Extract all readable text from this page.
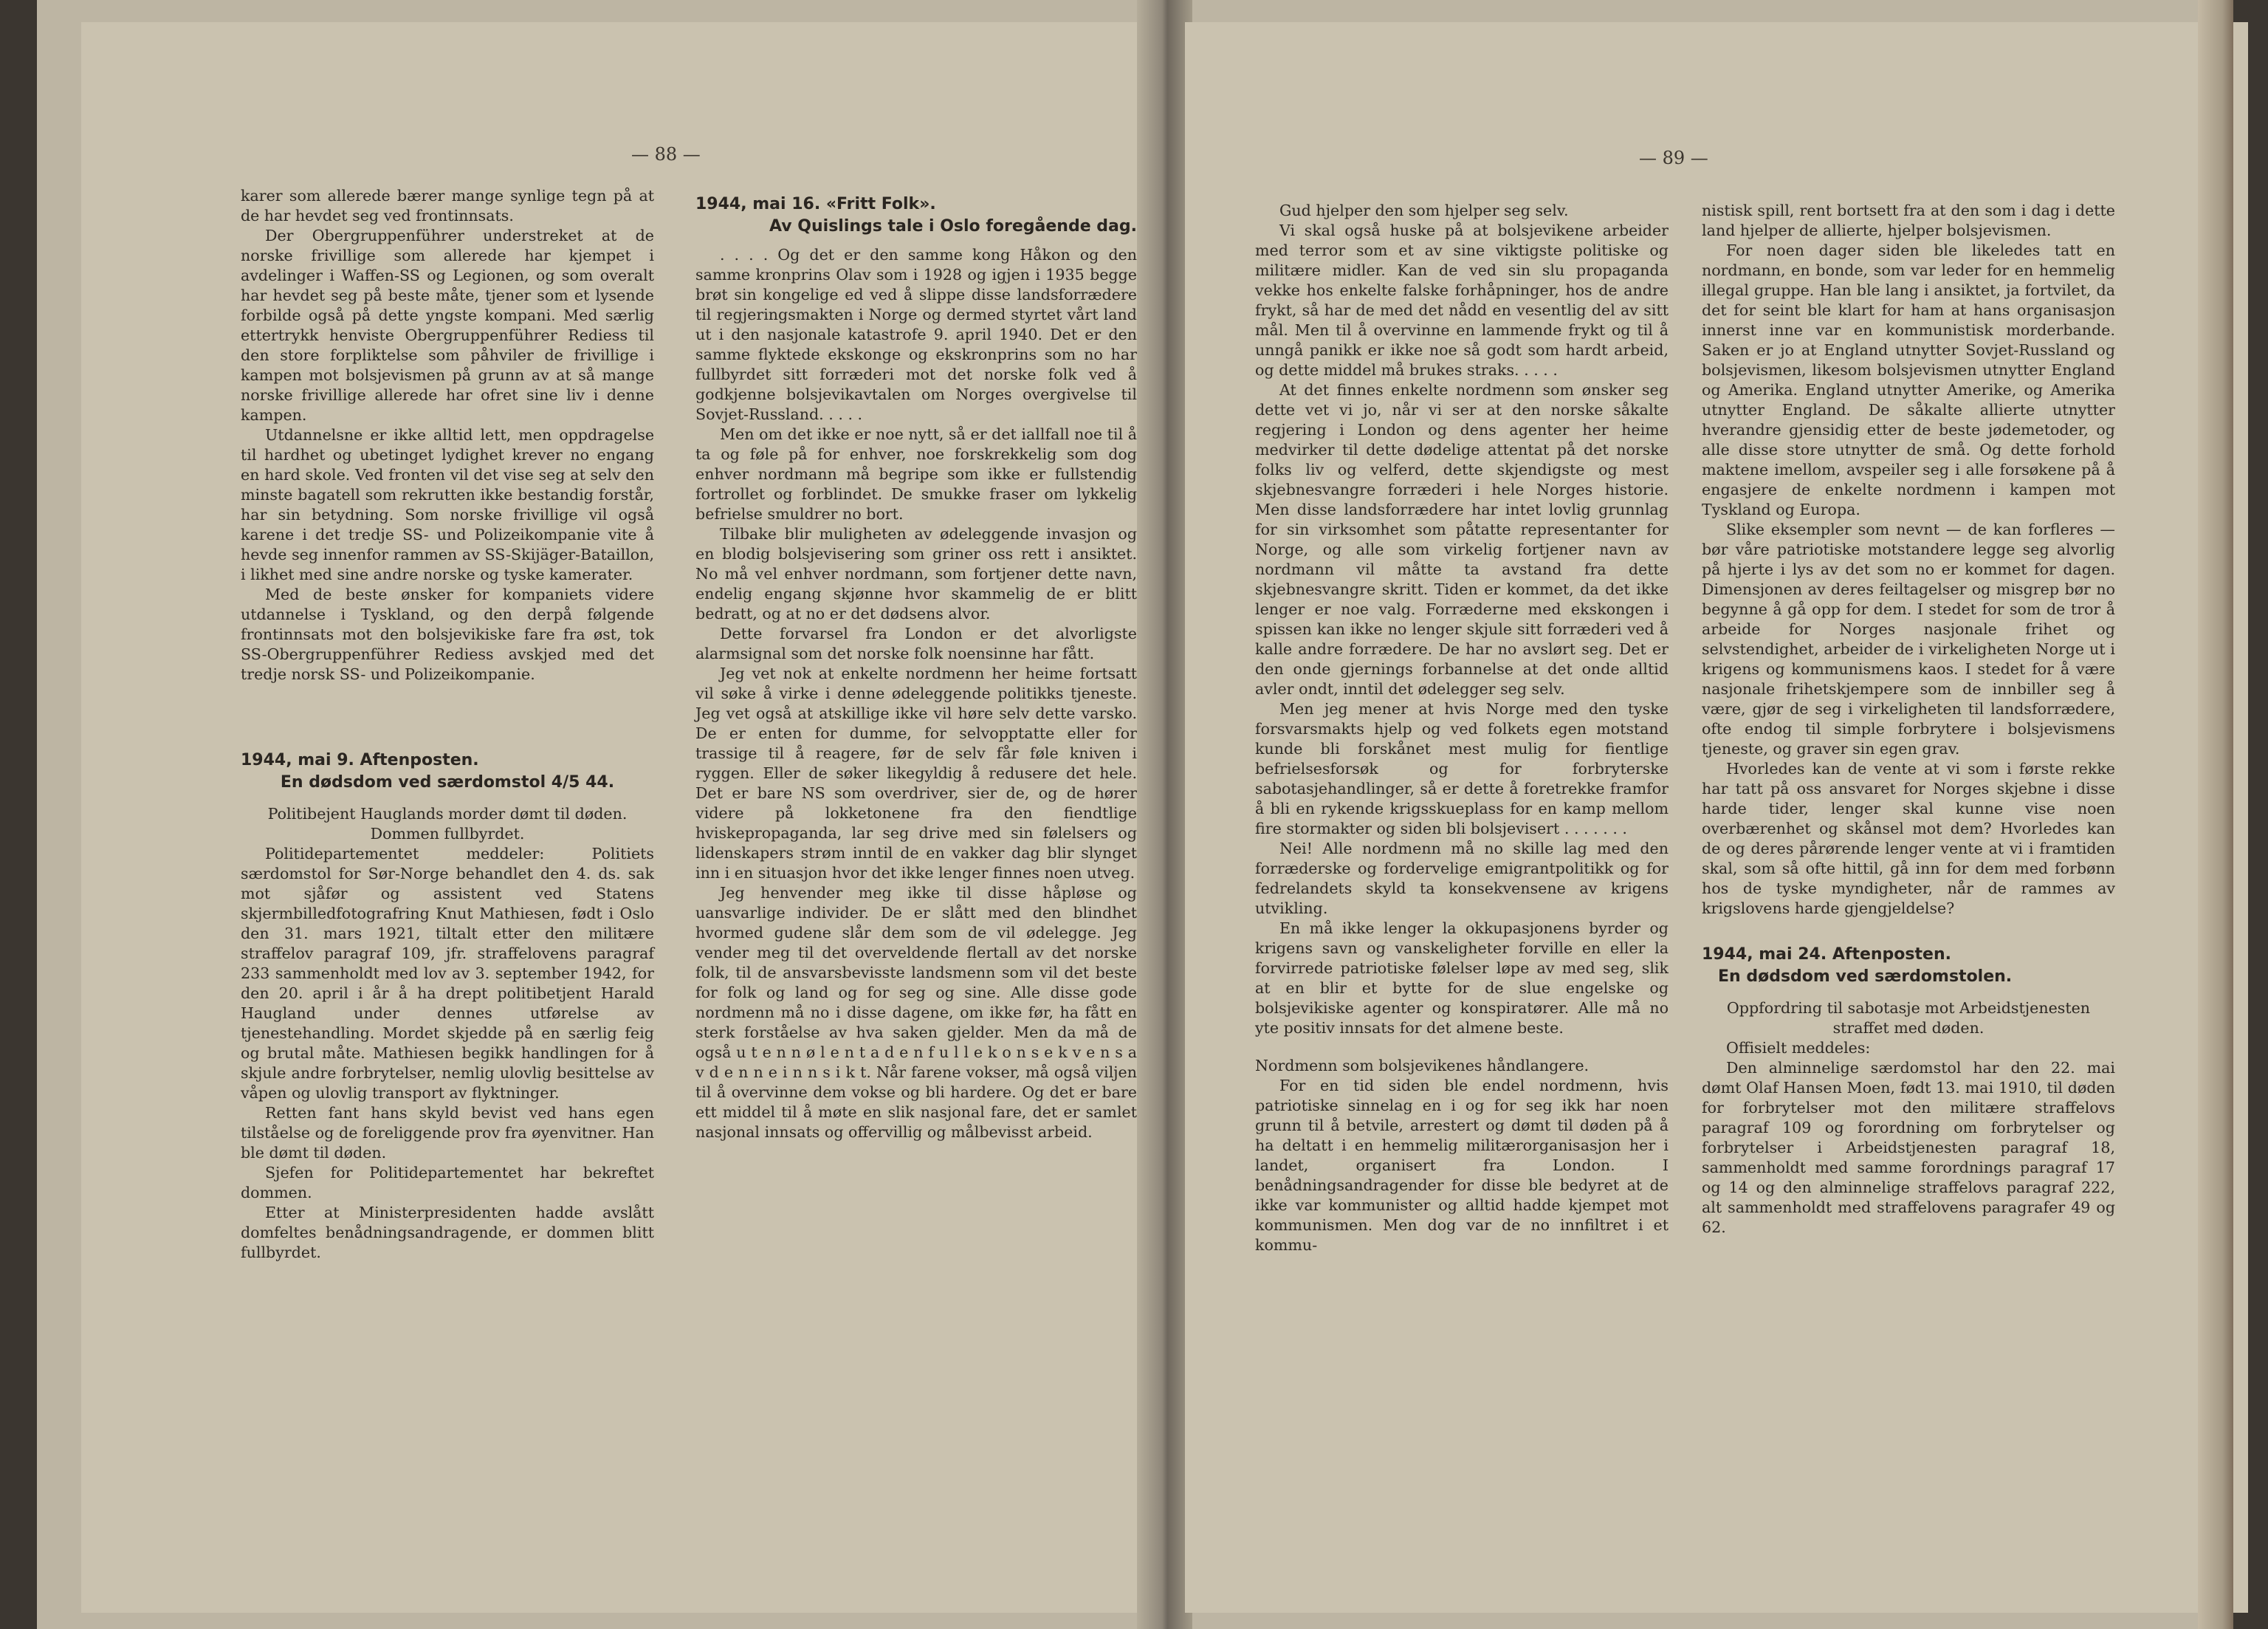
— 88 —

karer som allerede bærer mange synlige tegn på at de har hevdet seg ved frontinnsats.

Der Obergruppenführer understreket at de norske frivillige som allerede har kjempet i avdelinger i Waffen-SS og Legionen, og som overalt har hevdet seg på beste måte, tjener som et lysende forbilde også på dette yngste kompani. Med særlig ettertrykk henviste Obergruppenführer Rediess til den store forpliktelse som påhviler de frivillige i kampen mot bolsjevismen på grunn av at så mange norske frivillige allerede har ofret sine liv i denne kampen.

Utdannelsne er ikke alltid lett, men oppdragelse til hardhet og ubetinget lydighet krever no engang en hard skole. Ved fronten vil det vise seg at selv den minste bagatell som rekrutten ikke bestandig forstår, har sin betydning. Som norske frivillige vil også karene i det tredje SS- und Polizeikompanie vite å hevde seg innenfor rammen av SS-Skijäger-Bataillon, i likhet med sine andre norske og tyske kamerater.

Med de beste ønsker for kompaniets videre utdannelse i Tyskland, og den derpå følgende frontinnsats mot den bolsjevikiske fare fra øst, tok SS-Obergruppenführer Rediess avskjed med det tredje norsk SS- und Polizeikompanie.

1944, mai 9. Aftenposten.
En dødsdom ved særdomstol 4/5 44.

Politibejent Hauglands morder dømt til døden. Dommen fullbyrdet.

Politidepartementet meddeler: Politiets særdomstol for Sør-Norge behandlet den 4. ds. sak mot sjåfør og assistent ved Statens skjermbilledfotografring Knut Mathiesen, født i Oslo den 31. mars 1921, tiltalt etter den militære straffelov paragraf 109, jfr. straffelovens paragraf 233 sammenholdt med lov av 3. september 1942, for den 20. april i år å ha drept politibetjent Harald Haugland under dennes utførelse av tjenestehandling. Mordet skjedde på en særlig feig og brutal måte. Mathiesen begikk handlingen for å skjule andre forbrytelser, nemlig ulovlig besittelse av våpen og ulovlig transport av flyktninger.

Retten fant hans skyld bevist ved hans egen tilståelse og de foreliggende prov fra øyenvitner. Han ble dømt til døden.

Sjefen for Politidepartementet har bekreftet dommen.

Etter at Ministerpresidenten hadde avslått domfeltes benådningsandragende, er dommen blitt fullbyrdet.

1944, mai 16. «Fritt Folk».
Av Quislings tale i Oslo foregående dag.

. . . . Og det er den samme kong Håkon og den samme kronprins Olav som i 1928 og igjen i 1935 begge brøt sin kongelige ed ved å slippe disse landsforrædere til regjeringsmakten i Norge og dermed styrtet vårt land ut i den nasjonale katastrofe 9. april 1940. Det er den samme flyktede ekskonge og ekskronprins som no har fullbyrdet sitt forræderi mot det norske folk ved å godkjenne bolsjevikavtalen om Norges overgivelse til Sovjet-Russland. . . . .

Men om det ikke er noe nytt, så er det iallfall noe til å ta og føle på for enhver, noe forskrekkelig som dog enhver nordmann må begripe som ikke er fullstendig fortrollet og forblindet. De smukke fraser om lykkelig befrielse smuldrer no bort.

Tilbake blir muligheten av ødeleggende invasjon og en blodig bolsjevisering som griner oss rett i ansiktet. No må vel enhver nordmann, som fortjener dette navn, endelig engang skjønne hvor skammelig de er blitt bedratt, og at no er det dødsens alvor.

Dette forvarsel fra London er det alvorligste alarmsignal som det norske folk noensinne har fått.

Jeg vet nok at enkelte nordmenn her heime fortsatt vil søke å virke i denne ødeleggende politikks tjeneste. Jeg vet også at atskillige ikke vil høre selv dette varsko. De er enten for dumme, for selvopptatte eller for trassige til å reagere, før de selv får føle kniven i ryggen. Eller de søker likegyldig å redusere det hele. Det er bare NS som overdriver, sier de, og de hører videre på lokketonene fra den fiendtlige hviskepropaganda, lar seg drive med sin følelsers og lidenskapers strøm inntil de en vakker dag blir slynget inn i en situasjon hvor det ikke lenger finnes noen utveg.

Jeg henvender meg ikke til disse håpløse og uansvarlige individer. De er slått med den blindhet hvormed gudene slår dem som de vil ødelegge. Jeg vender meg til det overveldende flertall av det norske folk, til de ansvarsbevisste landsmenn som vil det beste for folk og land og for seg og sine. Alle disse gode nordmenn må no i disse dagene, om ikke før, ha fått en sterk forståelse av hva saken gjelder. Men da må de også u t e n n ø l e n t a d e n f u l l e k o n s e k v e n s a v d e n n e i n n s i k t. Når farene vokser, må også viljen til å overvinne dem vokse og bli hardere. Og det er bare ett middel til å møte en slik nasjonal fare, det er samlet nasjonal innsats og offervillig og målbevisst arbeid.

— 89 —

Gud hjelper den som hjelper seg selv.

Vi skal også huske på at bolsjevikene arbeider med terror som et av sine viktigste politiske og militære midler. Kan de ved sin slu propaganda vekke hos enkelte falske forhåpninger, hos de andre frykt, så har de med det nådd en vesentlig del av sitt mål. Men til å overvinne en lammende frykt og til å unngå panikk er ikke noe så godt som hardt arbeid, og dette middel må brukes straks. . . . .

At det finnes enkelte nordmenn som ønsker seg dette vet vi jo, når vi ser at den norske såkalte regjering i London og dens agenter her heime medvirker til dette dødelige attentat på det norske folks liv og velferd, dette skjendigste og mest skjebnesvangre forræderi i hele Norges historie. Men disse landsforrædere har intet lovlig grunnlag for sin virksomhet som påtatte representanter for Norge, og alle som virkelig fortjener navn av nordmann vil måtte ta avstand fra dette skjebnesvangre skritt. Tiden er kommet, da det ikke lenger er noe valg. Forræderne med ekskongen i spissen kan ikke no lenger skjule sitt forræderi ved å kalle andre forrædere. De har no avslørt seg. Det er den onde gjernings forbannelse at det onde alltid avler ondt, inntil det ødelegger seg selv.

Men jeg mener at hvis Norge med den tyske forsvarsmakts hjelp og ved folkets egen motstand kunde bli forskånet mest mulig for fientlige befrielsesforsøk og for forbryterske sabotasjehandlinger, så er dette å foretrekke framfor å bli en rykende krigsskueplass for en kamp mellom fire stormakter og siden bli bolsjevisert . . . . . . .

Nei! Alle nordmenn må no skille lag med den forræderske og fordervelige emigrantpolitikk og for fedrelandets skyld ta konsekvensene av krigens utvikling.

En må ikke lenger la okkupasjonens byrder og krigens savn og vanskeligheter forville en eller la forvirrede patriotiske følelser løpe av med seg, slik at en blir et bytte for de slue engelske og bolsjevikiske agenter og konspiratører. Alle må no yte positiv innsats for det almene beste.

Nordmenn som bolsjevikenes håndlangere.

For en tid siden ble endel nordmenn, hvis patriotiske sinnelag en i og for seg ikk har noen grunn til å betvile, arrestert og dømt til døden på å ha deltatt i en hemmelig militærorganisasjon her i landet, organisert fra London. I benådningsandragender for disse ble bedyret at de ikke var kommunister og alltid hadde kjempet mot kommunismen. Men dog var de no innfiltret i et kommu-

nistisk spill, rent bortsett fra at den som i dag i dette land hjelper de allierte, hjelper bolsjevismen.

For noen dager siden ble likeledes tatt en nordmann, en bonde, som var leder for en hemmelig illegal gruppe. Han ble lang i ansiktet, ja fortvilet, da det for seint ble klart for ham at hans organisasjon innerst inne var en kommunistisk morderbande. Saken er jo at England utnytter Sovjet-Russland og bolsjevismen, likesom bolsjevismen utnytter England og Amerika. England utnytter Amerike, og Amerika utnytter England. De såkalte allierte utnytter hverandre gjensidig etter de beste jødemetoder, og alle disse store utnytter de små. Og dette forhold maktene imellom, avspeiler seg i alle forsøkene på å engasjere de enkelte nordmenn i kampen mot Tyskland og Europa.

Slike eksempler som nevnt — de kan forfleres — bør våre patriotiske motstandere legge seg alvorlig på hjerte i lys av det som no er kommet for dagen. Dimensjonen av deres feiltagelser og misgrep bør no begynne å gå opp for dem. I stedet for som de tror å arbeide for Norges nasjonale frihet og selvstendighet, arbeider de i virkeligheten Norge ut i krigens og kommunismens kaos. I stedet for å være nasjonale frihetskjempere som de innbiller seg å være, gjør de seg i virkeligheten til landsforrædere, ofte endog til simple forbrytere i bolsjevismens tjeneste, og graver sin egen grav.

Hvorledes kan de vente at vi som i første rekke har tatt på oss ansvaret for Norges skjebne i disse harde tider, lenger skal kunne vise noen overbærenhet og skånsel mot dem? Hvorledes kan de og deres pårørende lenger vente at vi i framtiden skal, som så ofte hittil, gå inn for dem med forbønn hos de tyske myndigheter, når de rammes av krigslovens harde gjengjeldelse?

1944, mai 24. Aftenposten.
En dødsdom ved særdomstolen.

Oppfordring til sabotasje mot Arbeidstjenesten straffet med døden.

Offisielt meddeles:

Den alminnelige særdomstol har den 22. mai dømt Olaf Hansen Moen, født 13. mai 1910, til døden for forbrytelser mot den militære straffelovs paragraf 109 og forordning om forbrytelser og forbrytelser i Arbeidstjenesten paragraf 18, sammenholdt med samme forordnings paragraf 17 og 14 og den alminnelige straffelovs paragraf 222, alt sammenholdt med straffelovens paragrafer 49 og 62.
